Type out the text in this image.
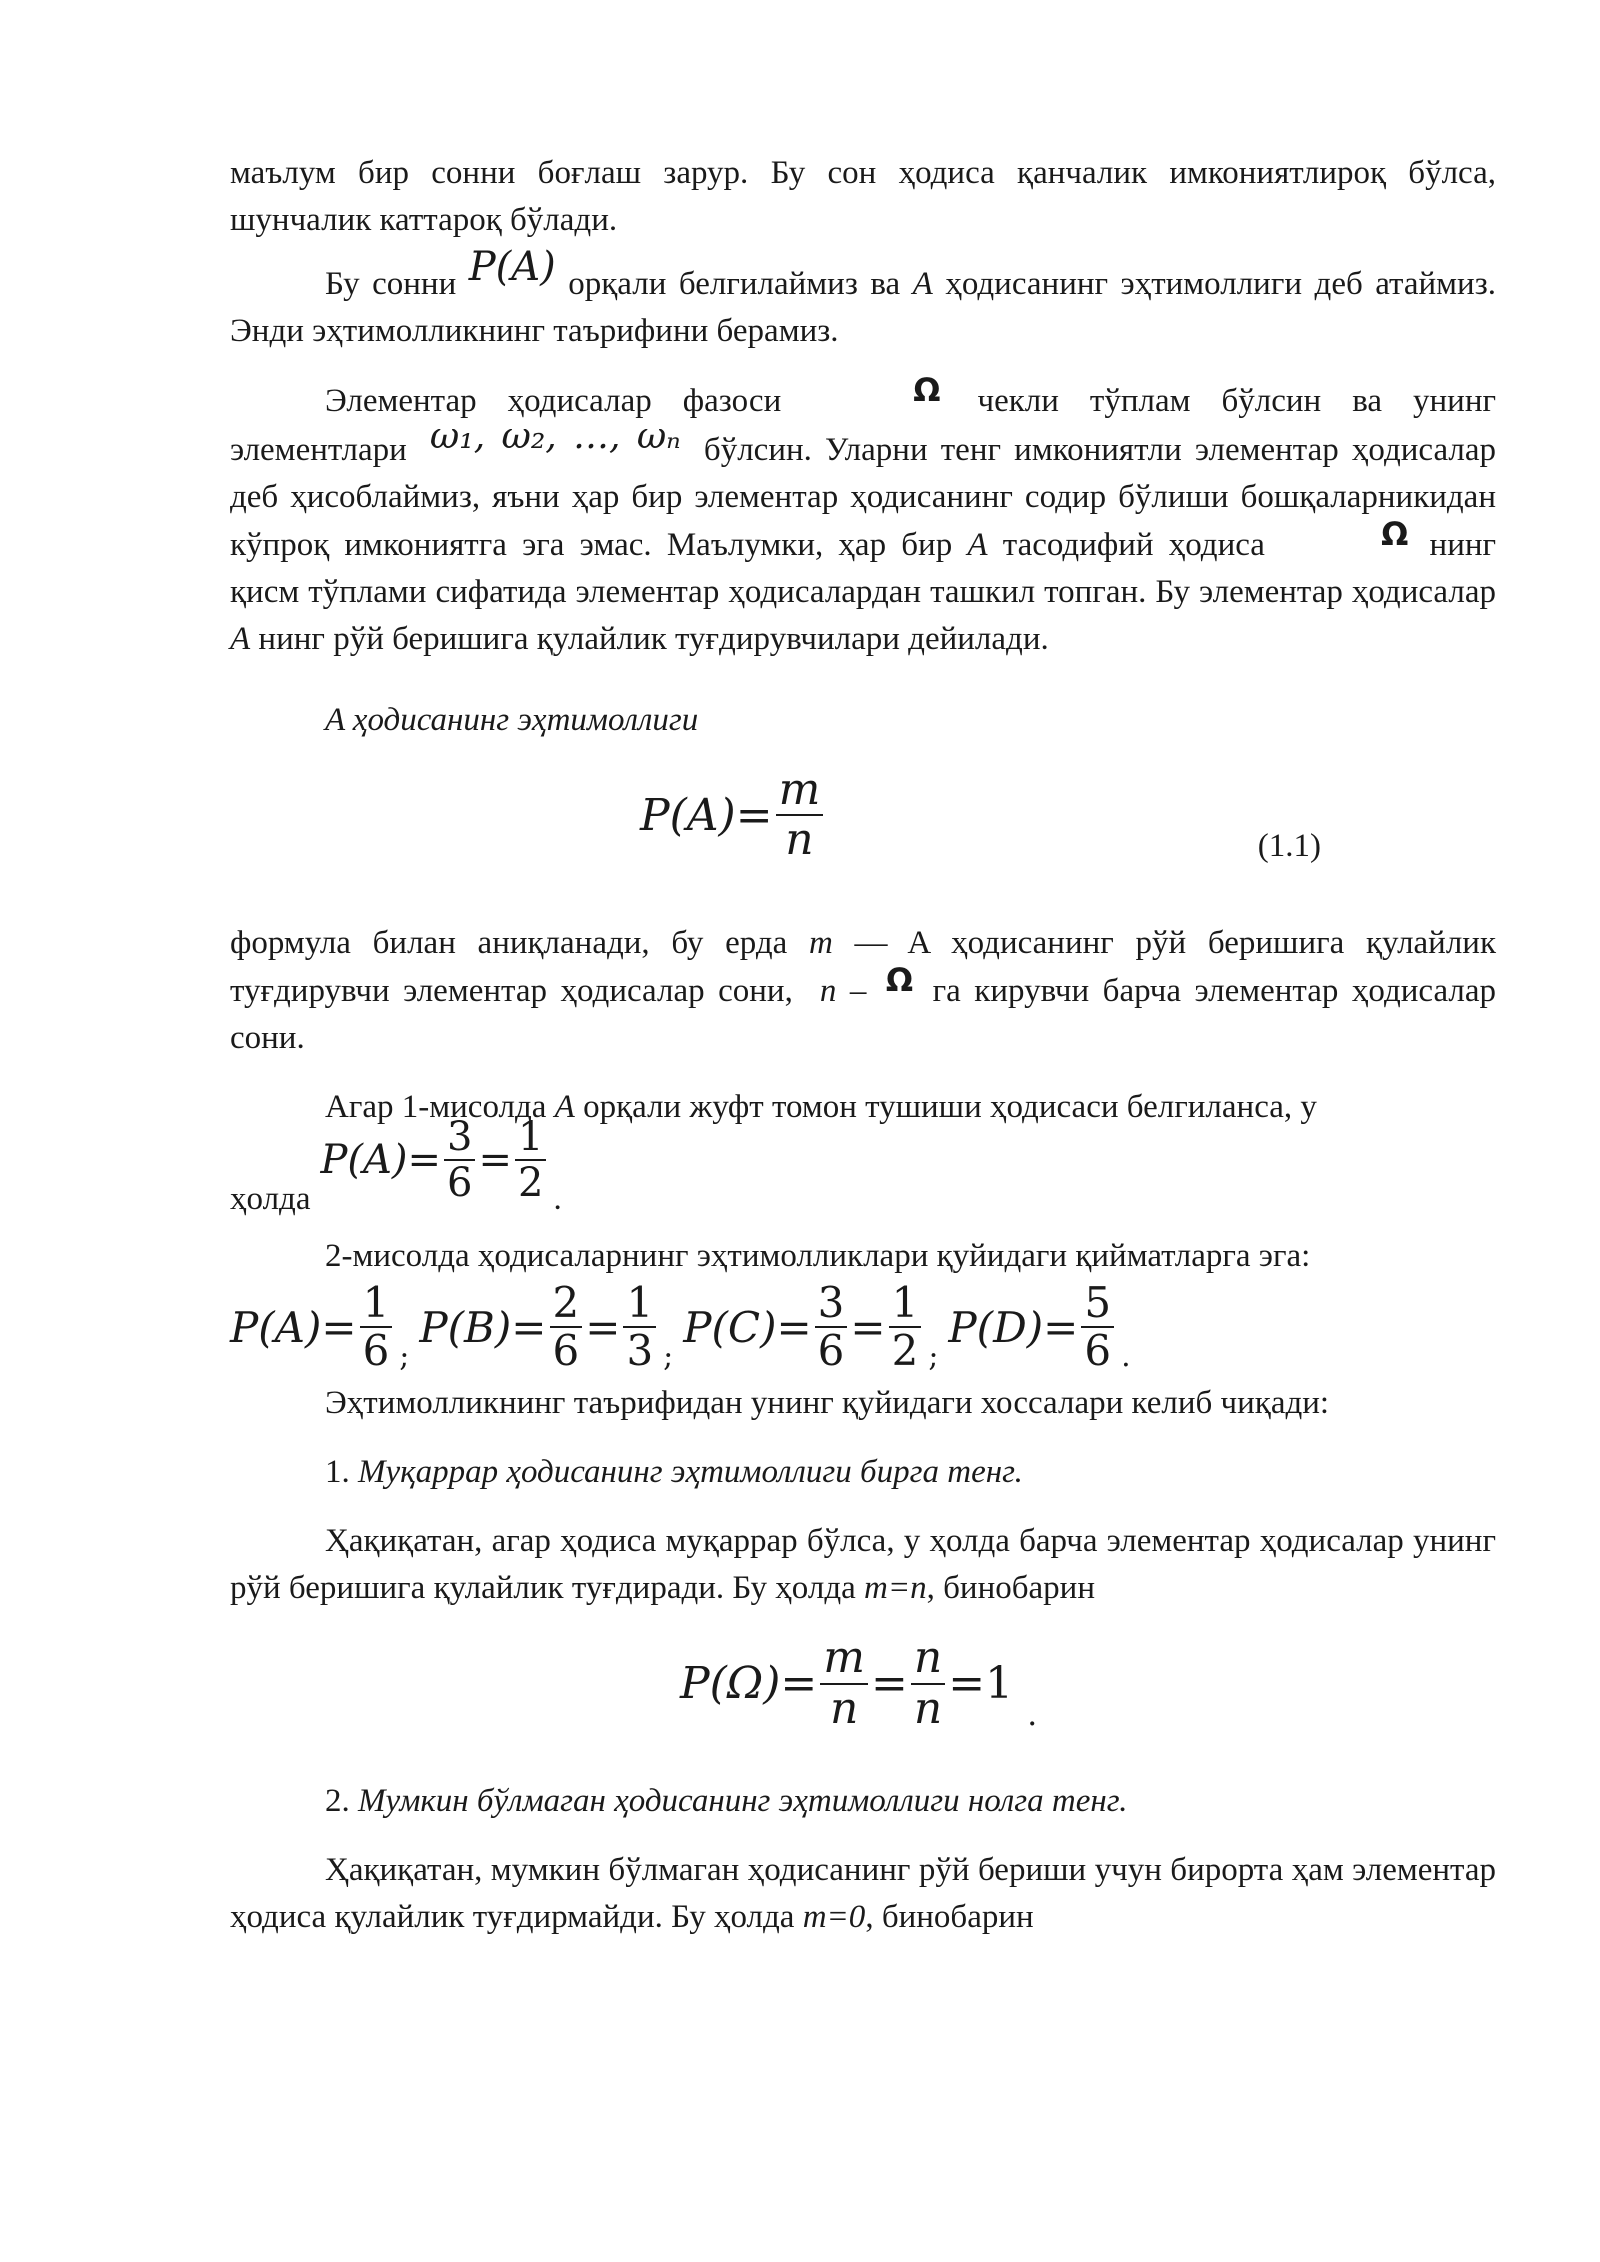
маълум бир сонни боғлаш зарур. Бу сон ҳодиса қанчалик имкониятлироқ бўлса, шунчалик каттароқ бўлади.

Бу сонни P(A) орқали белгилаймиз ва A ҳодисанинг эҳтимоллиги деб атаймиз. Энди эҳтимолликнинг таърифини берамиз.

Элементар ҳодисалар фазоси	Ω чекли тўплам бўлсин ва унинг элементлари ω₁, ω₂, …, ωₙ бўлсин. Уларни тенг имкониятли элементар ҳодисалар деб ҳисоблаймиз, яъни ҳар бир элементар ҳодисанинг содир бўлиши бошқаларникидан кўпроқ имкониятга эга эмас. Маълумки, ҳар бир A тасодифий ҳодиса	Ω нинг қисм тўплами сифатида элементар ҳодисалардан ташкил топган. Бу элементар ҳодисалар A нинг рўй беришига қулайлик туғдирувчилари дейилади.

A ҳодисанинг эҳтимоллиги

$P(A)= \frac{m}{n}$	(1.1)

формула билан аниқланади, бу ерда m — A ҳодисанинг рўй беришига қулайлик туғдирувчи элементар ҳодисалар сони, n – Ω га кирувчи барча элементар ҳодисалар сони.

Агар 1-мисолда A орқали жуфт томон тушиши ҳодисаси белгиланса, у

ҳолда
$P(A)= \frac{3}{6} = \frac{1}{2}$ .

2-мисолда ҳодисаларнинг эҳтимолликлари қуйидаги қийматларга эга:

$P(A)= \frac{1}{6}$ ;
$P(B)= \frac{2}{6} = \frac{1}{3}$ ;
$P(C)= \frac{3}{6} = \frac{1}{2}$ ;
$P(D)= \frac{5}{6}$ .

Эҳтимолликнинг таърифидан унинг қуйидаги хоссалари келиб чиқади:

1. Муқаррар ҳодисанинг эҳтимоллиги бирга тенг.

Ҳақиқатан, агар ҳодиса муқаррар бўлса, у ҳолда барча элементар ҳодисалар унинг рўй беришига қулайлик туғдиради. Бу ҳолда m=n, бинобарин

$P(\Omega)= \frac{m}{n} = \frac{n}{n} =1$
.

2. Мумкин бўлмаган ҳодисанинг эҳтимоллиги нолга тенг.

Ҳақиқатан, мумкин бўлмаган ҳодисанинг рўй бериши учун бирорта ҳам элементар ҳодиса қулайлик туғдирмайди. Бу ҳолда m=0, бинобарин
